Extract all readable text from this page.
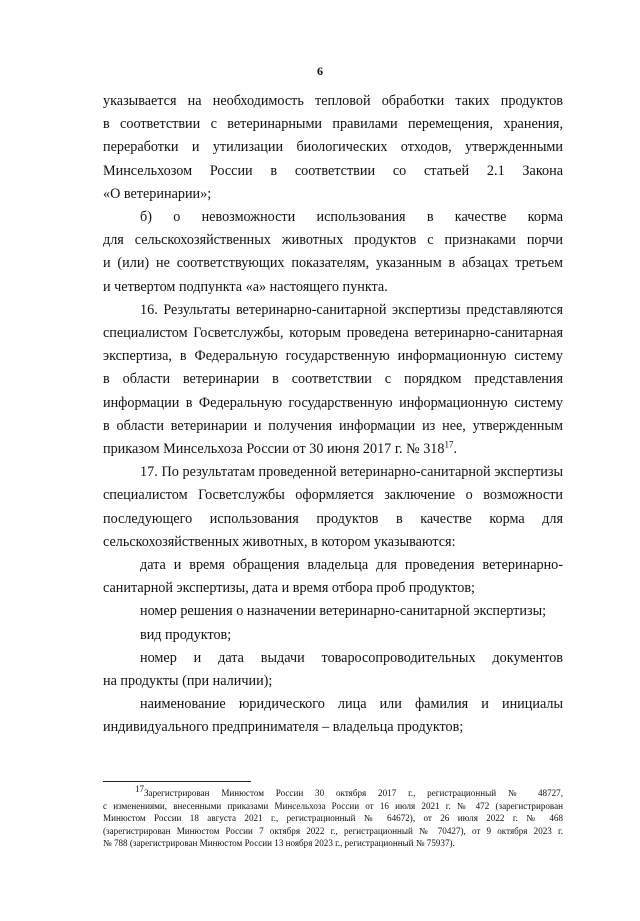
6

указывается на необходимость тепловой обработки таких продуктов
в соответствии с ветеринарными правилами перемещения, хранения,
переработки и утилизации биологических отходов, утвержденными
Минсельхозом России в соответствии со статьей 2.1 Закона
«О ветеринарии»;

б) о невозможности использования в качестве корма
для сельскохозяйственных животных продуктов с признаками порчи
и (или) не соответствующих показателям, указанным в абзацах третьем
и четвертом подпункта «а» настоящего пункта.

16. Результаты ветеринарно-санитарной экспертизы представляются
специалистом Госветслужбы, которым проведена ветеринарно-санитарная
экспертиза, в Федеральную государственную информационную систему
в области ветеринарии в соответствии с порядком представления
информации в Федеральную государственную информационную систему
в области ветеринарии и получения информации из нее, утвержденным
приказом Минсельхоза России от 30 июня 2017 г. № $318^{17}$.

17. По результатам проведенной ветеринарно-санитарной экспертизы
специалистом Госветслужбы оформляется заключение о возможности
последующего использования продуктов в качестве корма для
сельскохозяйственных животных, в котором указываются:

дата и время обращения владельца для проведения ветеринарно-
санитарной экспертизы, дата и время отбора проб продуктов;

номер решения о назначении ветеринарно-санитарной экспертизы;

вид продуктов;

номер и дата выдачи товаросопроводительных документов
на продукты (при наличии);

наименование юридического лица или фамилия и инициалы
индивидуального предпринимателя – владельца продуктов;

$^{17}$Зарегистрирован Минюстом России 30 октября 2017 г., регистрационный № 48727,
с изменениями, внесенными приказами Минсельхоза России от 16 июля 2021 г. № 472 (зарегистрирован
Минюстом России 18 августа 2021 г., регистрационный № 64672), от 26 июля 2022 г. № 468
(зарегистрирован Минюстом России 7 октября 2022 г., регистрационный № 70427), от 9 октября 2023 г.
№ 788 (зарегистрирован Минюстом России 13 ноября 2023 г., регистрационный № 75937).
